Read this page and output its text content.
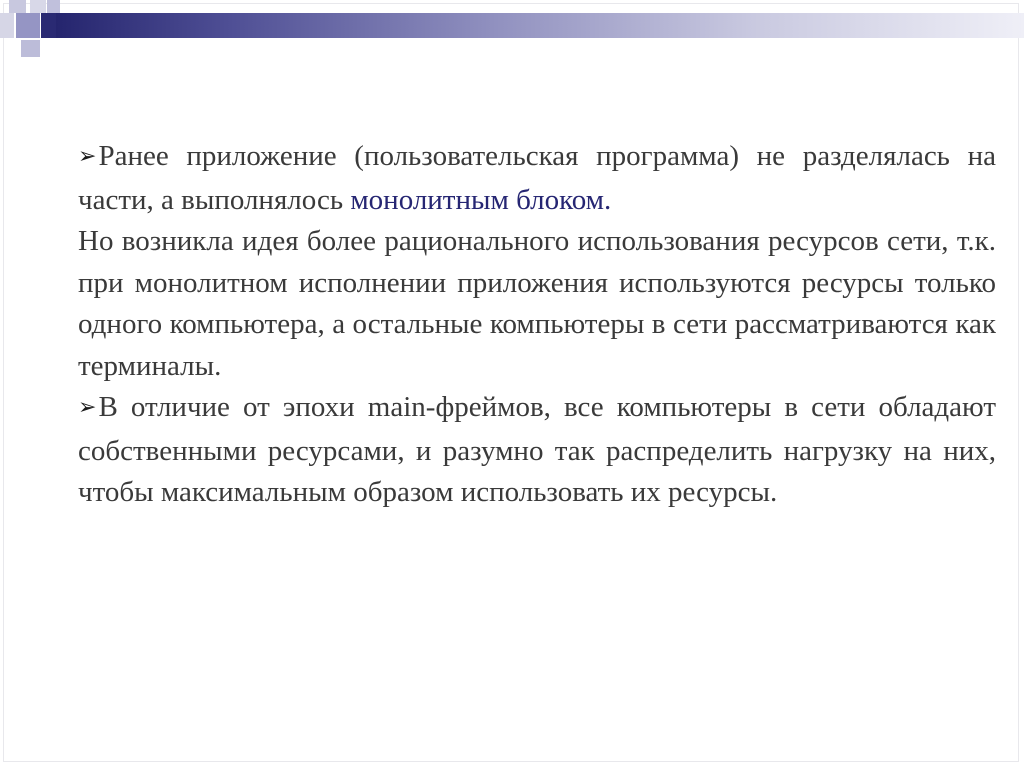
➢Ранее приложение (пользовательская программа) не разделялась на части, а выполнялось монолитным блоком.

Но возникла идея более рационального использования ресурсов сети, т.к. при монолитном исполнении приложения используются ресурсы только одного компьютера, а остальные компьютеры в сети рассматриваются как терминалы.

➢В отличие от эпохи main-фреймов, все компьютеры в сети обладают собственными ресурсами, и разумно так распределить нагрузку на них, чтобы максимальным образом использовать их ресурсы.
